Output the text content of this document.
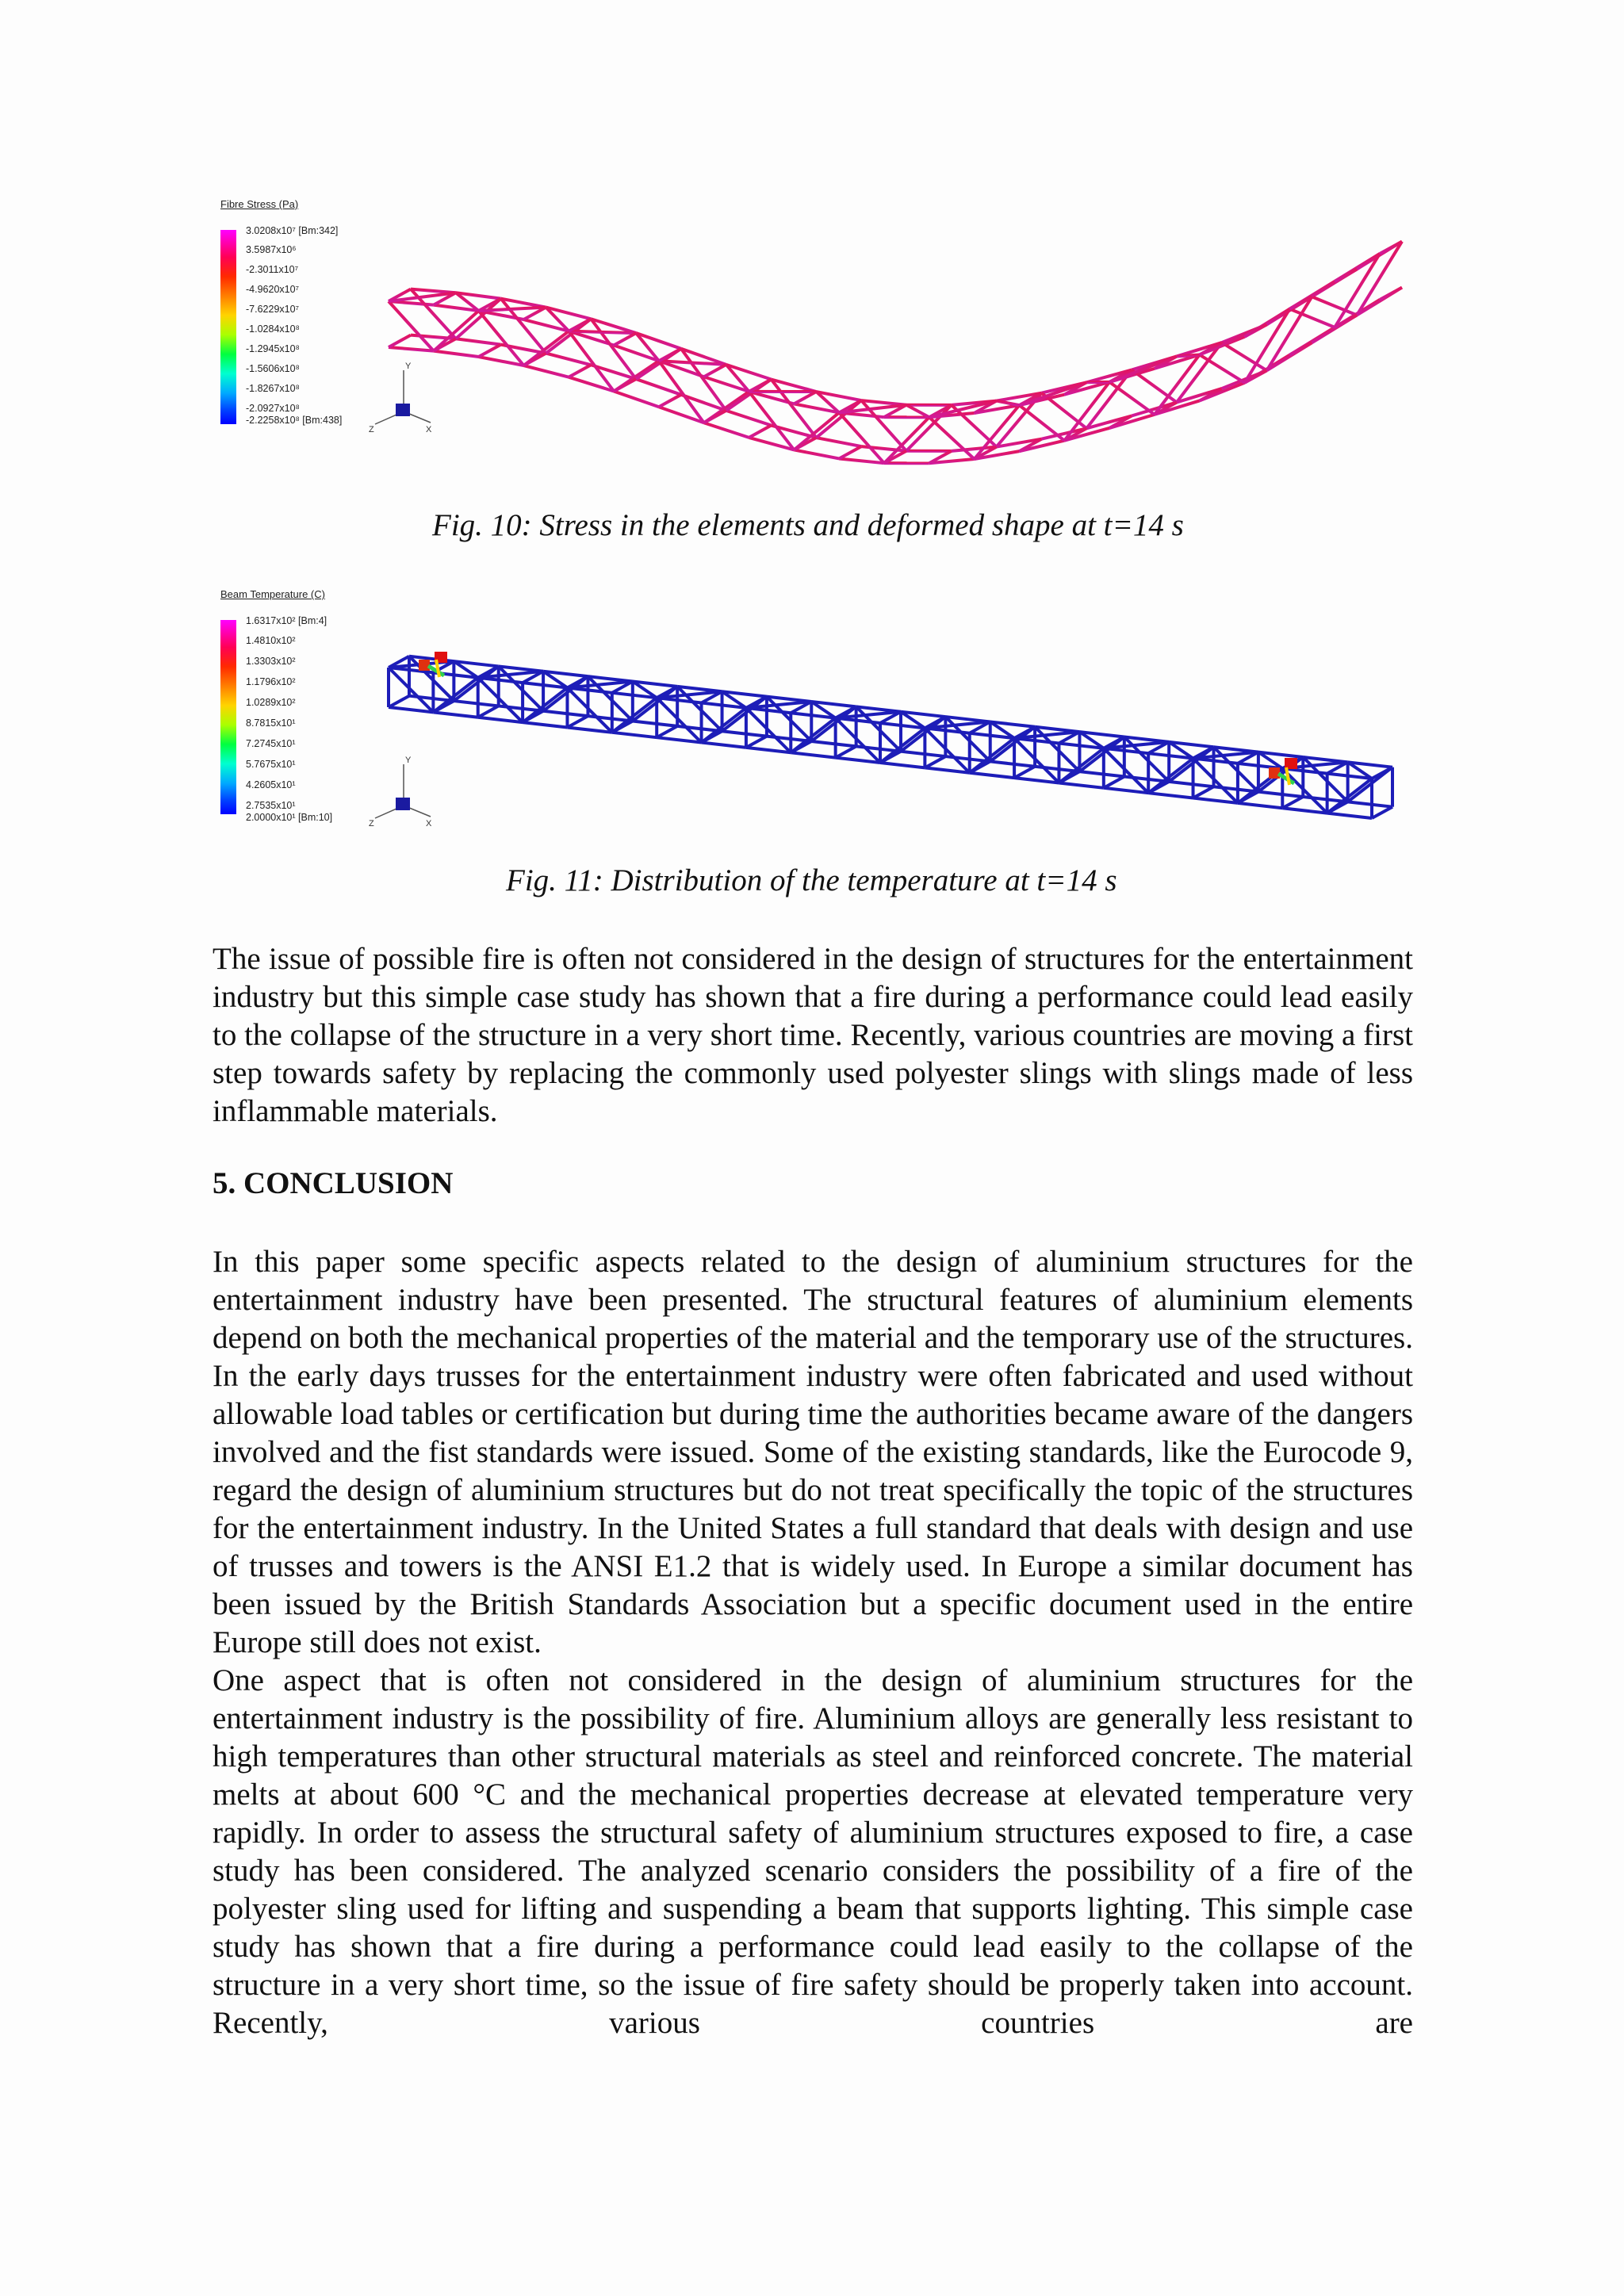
Fibre Stress (Pa)
3.0208x10⁷ [Bm:342]
3.5987x10⁶
-2.3011x10⁷
-4.9620x10⁷
-7.6229x10⁷
-1.0284x10⁸
-1.2945x10⁸
-1.5606x10⁸
-1.8267x10⁸
-2.0927x10⁸
-2.2258x10⁸ [Bm:438]
Y
Z	X
Fig. 10: Stress in the elements and deformed shape at t=14 s
Beam Temperature (C)
1.6317x10² [Bm:4]
1.4810x10²
1.3303x10²
1.1796x10²
1.0289x10²
8.7815x10¹
7.2745x10¹
5.7675x10¹
4.2605x10¹
2.7535x10¹
2.0000x10¹ [Bm:10]
Y
Z	X
Fig. 11: Distribution of the temperature at t=14 s

The issue of possible fire is often not considered in the design of structures for the entertainment industry but this simple case study has shown that a fire during a performance could lead easily to the collapse of the structure in a very short time. Recently, various countries are moving a first step towards safety by replacing the commonly used polyester slings with slings made of less inflammable materials.

5. CONCLUSION

In this paper some specific aspects related to the design of aluminium structures for the entertainment industry have been presented. The structural features of aluminium elements depend on both the mechanical properties of the material and the temporary use of the structures. In the early days trusses for the entertainment industry were often fabricated and used without allowable load tables or certification but during time the authorities became aware of the dangers involved and the fist standards were issued. Some of the existing standards, like the Eurocode 9, regard the design of aluminium structures but do not treat specifically the topic of the structures for the entertainment industry. In the United States a full standard that deals with design and use of trusses and towers is the ANSI E1.2 that is widely used. In Europe a similar document has been issued by the British Standards Association but a specific document used in the entire Europe still does not exist.

One aspect that is often not considered in the design of aluminium structures for the entertainment industry is the possibility of fire. Aluminium alloys are generally less resistant to high temperatures than other structural materials as steel and reinforced concrete. The material melts at about 600 °C and the mechanical properties decrease at elevated temperature very rapidly. In order to assess the structural safety of aluminium structures exposed to fire, a case study has been considered. The analyzed scenario considers the possibility of a fire of the polyester sling used for lifting and suspending a beam that supports lighting. This simple case study has shown that a fire during a performance could lead easily to the collapse of the structure in a very short time, so the issue of fire safety should be properly taken into account. Recently, various countries are
